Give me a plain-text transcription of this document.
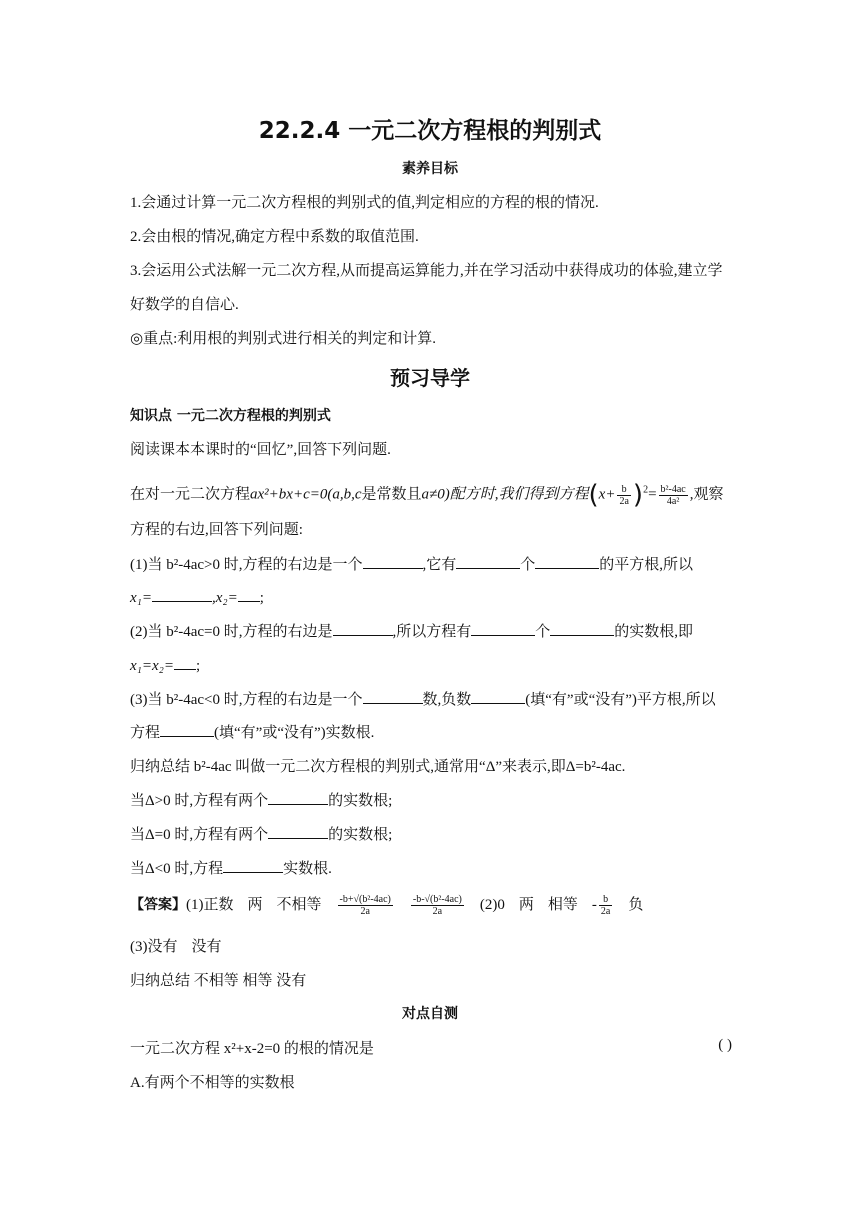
22.2.4 一元二次方程根的判别式
素养目标
1.会通过计算一元二次方程根的判别式的值,判定相应的方程的根的情况.
2.会由根的情况,确定方程中系数的取值范围.
3.会运用公式法解一元二次方程,从而提高运算能力,并在学习活动中获得成功的体验,建立学
好数学的自信心.
◎重点:利用根的判别式进行相关的判定和计算.
预习导学
知识点 一元二次方程根的判别式
阅读课本本课时的“回忆”,回答下列问题.
在对一元二次方程ax²+bx+c=0(a,b,c是常数且a≠0)配方时,我们得到方程$(x+ \frac{b}{2a} )^2= \frac{\text{b²-4ac}}{\text{4a²}}$ ,观察
方程的右边,回答下列问题:
(1)当 b²-4ac>0 时,方程的右边是一个	,它有	个	的平方根,所以
x₁=	,x₂= ;
(2)当 b²-4ac=0 时,方程的右边是	,所以方程有	个	的实数根,即
x₁=x₂= ;
(3)当 b²-4ac<0 时,方程的右边是一个	数,负数	(填“有”或“没有”)平方根,所以
方程	(填“有”或“没有”)实数根.
归纳总结 b²-4ac 叫做一元二次方程根的判别式,通常用“Δ”来表示,即Δ=b²-4ac.
当Δ>0 时,方程有两个	的实数根;
当Δ=0 时,方程有两个	的实数根;
当Δ<0 时,方程	实数根.
【答案】(1)正数 两 不相等 $\frac{\text{-b+√(b²-4ac)}}{2a} \frac{\text{-b-√(b²-4ac)}}{2a} (2)0$ 两 相等 - $\frac{b}{2a}$ 负
(3)没有 没有
归纳总结 不相等 相等 没有
对点自测
一元二次方程 x²+x-2=0 的根的情况是	( )
A.有两个不相等的实数根
